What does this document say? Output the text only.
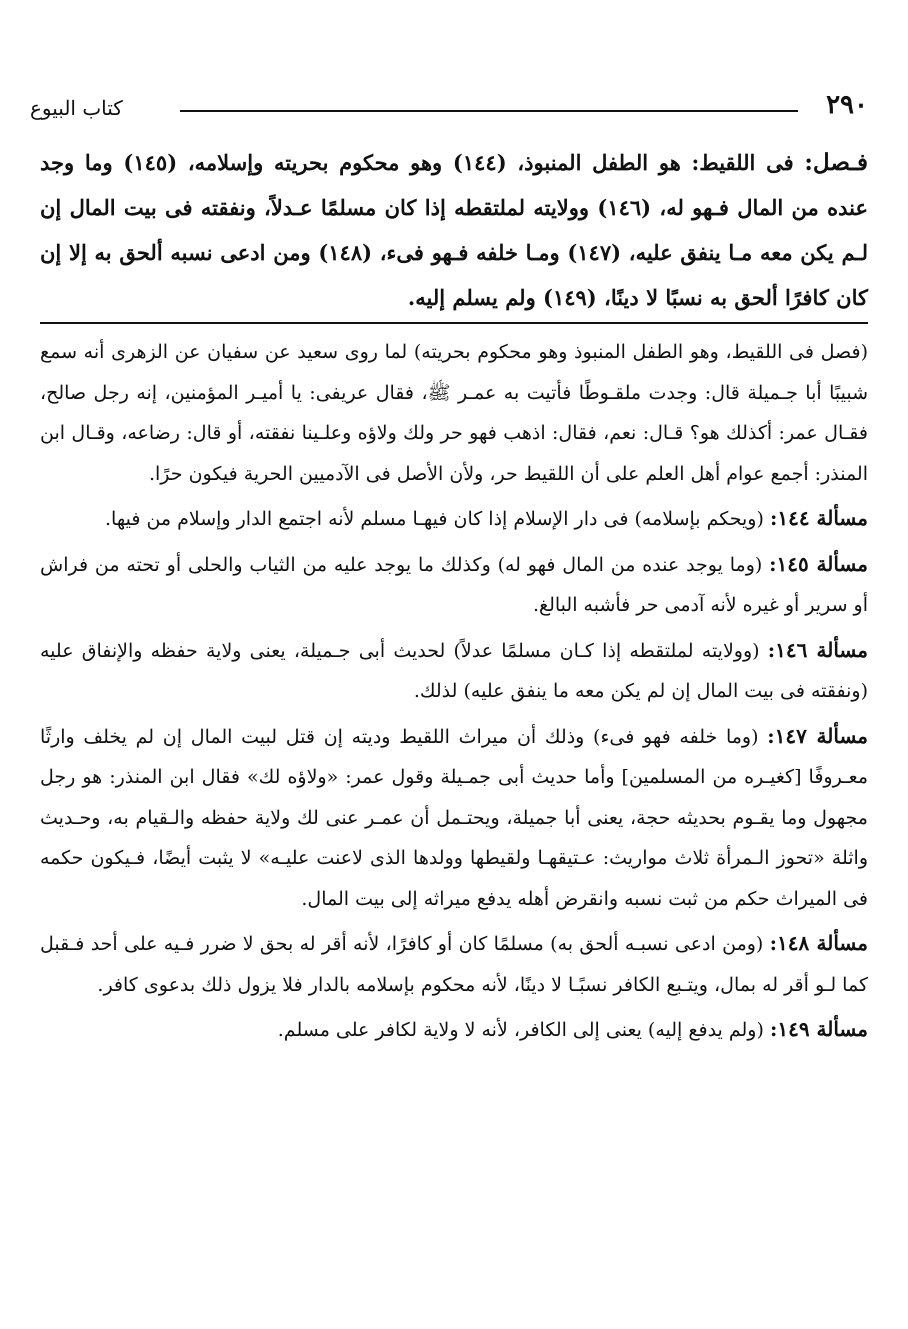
٢٩٠
كتاب البيوع
فـصل: فى اللقيط: هو الطفل المنبوذ، (١٤٤) وهو محكوم بحريته وإسلامه، (١٤٥) وما وجد عنده من المال فـهو له، (١٤٦) وولايته لملتقطه إذا كان مسلمًا عـدلاً، ونفقته فى بيت المال إن لـم يكن معه مـا ينفق عليه، (١٤٧) ومـا خلفه فـهو فىء، (١٤٨) ومن ادعى نسبه ألحق به إلا إن كان كافرًا ألحق به نسبًا لا دينًا، (١٤٩) ولم يسلم إليه.

(فصل فى اللقيط، وهو الطفل المنبوذ وهو محكوم بحريته) لما روى سعيد عن سفيان عن الزهرى أنه سمع شبيبًا أبا جـميلة قال: وجدت ملقـوطًا فأتيت به عمـر ﷺ، فقال عريفى: يا أميـر المؤمنين، إنه رجل صالح، فقـال عمر: أكذلك هو؟ قـال: نعم، فقال: اذهب فهو حر ولك ولاؤه وعلـينا نفقته، أو قال: رضاعه، وقـال ابن المنذر: أجمع عوام أهل العلم على أن اللقيط حر، ولأن الأصل فى الآدميين الحرية فيكون حرًا.

مسألة ١٤٤: (ويحكم بإسلامه) فى دار الإسلام إذا كان فيهـا مسلم لأنه اجتمع الدار وإسلام من فيها.

مسألة ١٤٥: (وما يوجد عنده من المال فهو له) وكذلك ما يوجد عليه من الثياب والحلى أو تحته من فراش أو سرير أو غيره لأنه آدمى حر فأشبه البالغ.

مسألة ١٤٦: (وولايته لملتقطه إذا كـان مسلمًا عدلاً) لحديث أبى جـميلة، يعنى ولاية حفظه والإنفاق عليه (ونفقته فى بيت المال إن لم يكن معه ما ينفق عليه) لذلك.

مسألة ١٤٧: (وما خلفه فهو فىء) وذلك أن ميراث اللقيط وديته إن قتل لبيت المال إن لم يخلف وارثًا معـروفًا [كغيـره من المسلمين] وأما حديث أبى جمـيلة وقول عمر: «ولاؤه لك» فقال ابن المنذر: هو رجل مجهول وما يقـوم بحديثه حجة، يعنى أبا جميلة، ويحتـمل أن عمـر عنى لك ولاية حفظه والـقيام به، وحـديث واثلة «تحوز الـمرأة ثلاث مواريث: عـتيقهـا ولقيطها وولدها الذى لاعنت عليـه» لا يثبت أيضًا، فـيكون حكمه فى الميراث حكم من ثبت نسبه وانقرض أهله يدفع ميراثه إلى بيت المال.

مسألة ١٤٨: (ومن ادعى نسبـه ألحق به) مسلمًا كان أو كافرًا، لأنه أقر له بحق لا ضرر فـيه على أحد فـقبل كما لـو أقر له بمال، ويتـبع الكافر نسبًـا لا دينًا، لأنه محكوم بإسلامه بالدار فلا يزول ذلك بدعوى كافر.

مسألة ١٤٩: (ولم يدفع إليه) يعنى إلى الكافر، لأنه لا ولاية لكافر على مسلم.
